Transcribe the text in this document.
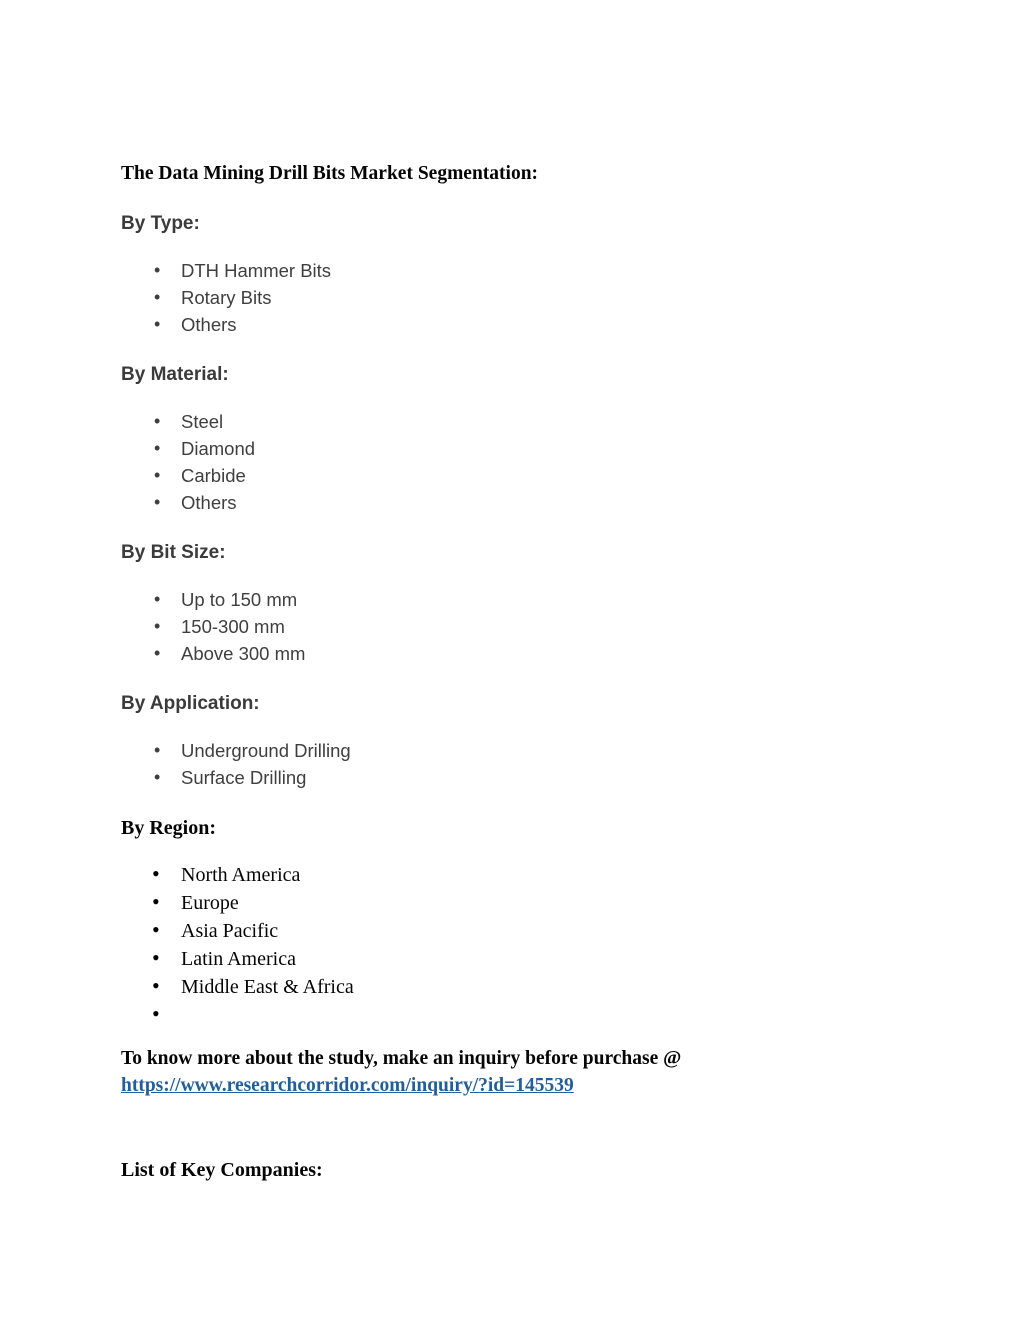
The Data Mining Drill Bits Market Segmentation:
By Type:
• DTH Hammer Bits
• Rotary Bits
• Others
By Material:
• Steel
• Diamond
• Carbide
• Others
By Bit Size:
• Up to 150 mm
• 150-300 mm
• Above 300 mm
By Application:
• Underground Drilling
• Surface Drilling
By Region:
• North America
• Europe
• Asia Pacific
• Latin America
• Middle East & Africa
•

To know more about the study, make an inquiry before purchase @
https://www.researchcorridor.com/inquiry/?id=145539

List of Key Companies:
